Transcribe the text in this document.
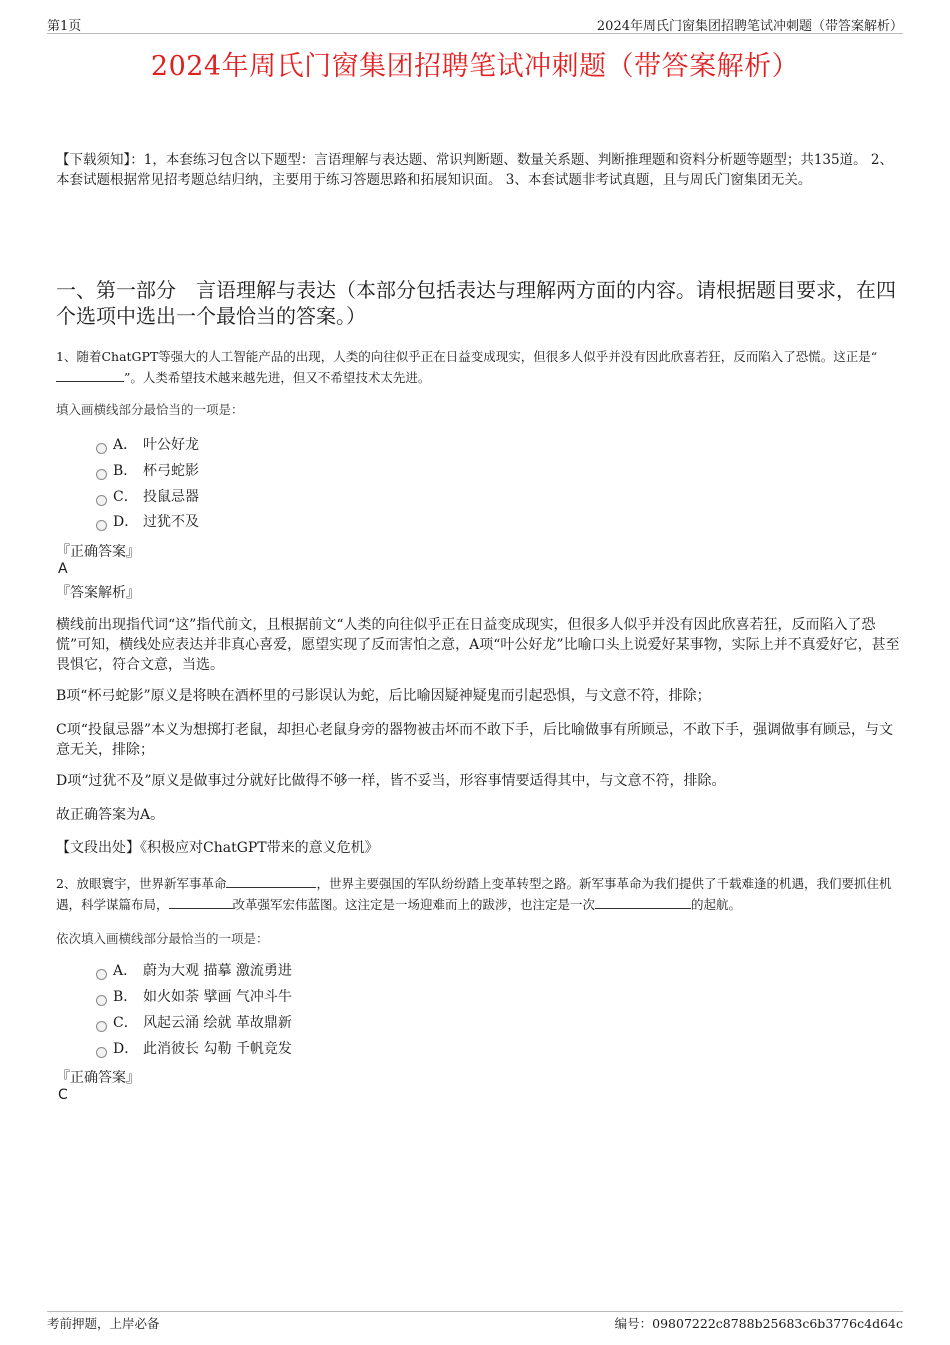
第1页	2024年周氏门窗集团招聘笔试冲刺题（带答案解析）
2024年周氏门窗集团招聘笔试冲刺题（带答案解析）
【下载须知】：1，本套练习包含以下题型：言语理解与表达题、常识判断题、数量关系题、判断推理题和资料分析题等题型；共135道。 2、本套试题根据常见招考题总结归纳，主要用于练习答题思路和拓展知识面。 3、本套试题非考试真题，且与周氏门窗集团无关。
一、第一部分　言语理解与表达（本部分包括表达与理解两方面的内容。请根据题目要求，在四个选项中选出一个最恰当的答案。）
1、随着ChatGPT等强大的人工智能产品的出现，人类的向往似乎正在日益变成现实，但很多人似乎并没有因此欣喜若狂，反而陷入了恐慌。这正是“”。人类希望技术越来越先进，但又不希望技术太先进。
填入画横线部分最恰当的一项是：
A． 叶公好龙
B． 杯弓蛇影
C． 投鼠忌器
D． 过犹不及
『正确答案』
A
『答案解析』
横线前出现指代词“这”指代前文，且根据前文“人类的向往似乎正在日益变成现实，但很多人似乎并没有因此欣喜若狂，反而陷入了恐慌”可知，横线处应表达并非真心喜爱，愿望实现了反而害怕之意，A项“叶公好龙”比喻口头上说爱好某事物，实际上并不真爱好它，甚至畏惧它，符合文意，当选。
B项“杯弓蛇影”原义是将映在酒杯里的弓影误认为蛇，后比喻因疑神疑鬼而引起恐惧，与文意不符，排除；
C项“投鼠忌器”本义为想掷打老鼠，却担心老鼠身旁的器物被击坏而不敢下手，后比喻做事有所顾忌，不敢下手，强调做事有顾忌，与文意无关，排除；
D项“过犹不及”原义是做事过分就好比做得不够一样，皆不妥当，形容事情要适得其中，与文意不符，排除。
故正确答案为A。
【文段出处】《积极应对ChatGPT带来的意义危机》
2、放眼寰宇，世界新军事革命	，世界主要强国的军队纷纷踏上变革转型之路。新军事革命为我们提供了千载难逢的机遇，我们要抓住机遇，科学谋篇布局，	改革强军宏伟蓝图。这注定是一场迎难而上的跋涉，也注定是一次	的起航。
依次填入画横线部分最恰当的一项是：
A． 蔚为大观 描摹 激流勇进
B． 如火如荼 擘画 气冲斗牛
C． 风起云涌 绘就 革故鼎新
D． 此消彼长 勾勒 千帆竞发
『正确答案』
C
考前押题，上岸必备	编号：09807222c8788b25683c6b3776c4d64c
